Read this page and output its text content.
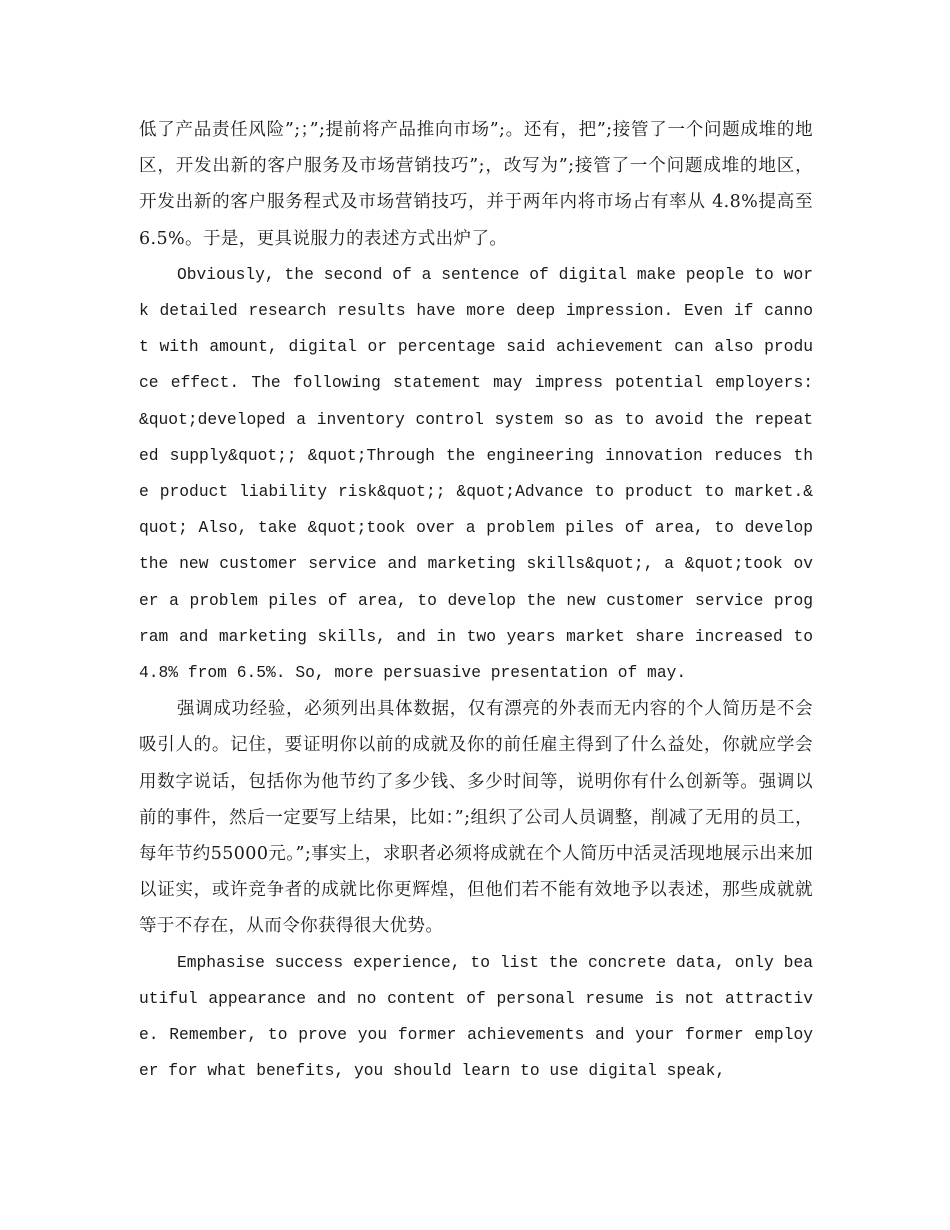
低了产品责任风险”;；”;提前将产品推向市场”;。还有，把”;接管了一个问题成堆的地区，开发出新的客户服务及市场营销技巧”;，改写为”;接管了一个问题成堆的地区，开发出新的客户服务程式及市场营销技巧，并于两年内将市场占有率从 4.8%提高至6.5%。于是，更具说服力的表述方式出炉了。

Obviously, the second of a sentence of digital make people to work detailed research results have more deep impression. Even if cannot with amount, digital or percentage said achievement can also produce effect. The following statement may impress potential employers: &quot;developed a inventory control system so as to avoid the repeated supply&quot;; &quot;Through the engineering innovation reduces the product liability risk&quot;; &quot;Advance to product to market.&quot; Also, take &quot;took over a problem piles of area, to develop the new customer service and marketing skills&quot;, a &quot;took over a problem piles of area, to develop the new customer service program and marketing skills, and in two years market share increased to 4.8% from 6.5%. So, more persuasive presentation of may.

强调成功经验，必须列出具体数据，仅有漂亮的外表而无内容的个人简历是不会吸引人的。记住，要证明你以前的成就及你的前任雇主得到了什么益处，你就应学会用数字说话，包括你为他节约了多少钱、多少时间等，说明你有什么创新等。强调以前的事件，然后一定要写上结果，比如：”;组织了公司人员调整，削减了无用的员工，每年节约55000元。”;事实上，求职者必须将成就在个人简历中活灵活现地展示出来加以证实，或许竞争者的成就比你更辉煌，但他们若不能有效地予以表述，那些成就就等于不存在，从而令你获得很大优势。

Emphasise success experience, to list the concrete data, only beautiful appearance and no content of personal resume is not attractive. Remember, to prove you former achievements and your former employer for what benefits, you should learn to use digital speak,
